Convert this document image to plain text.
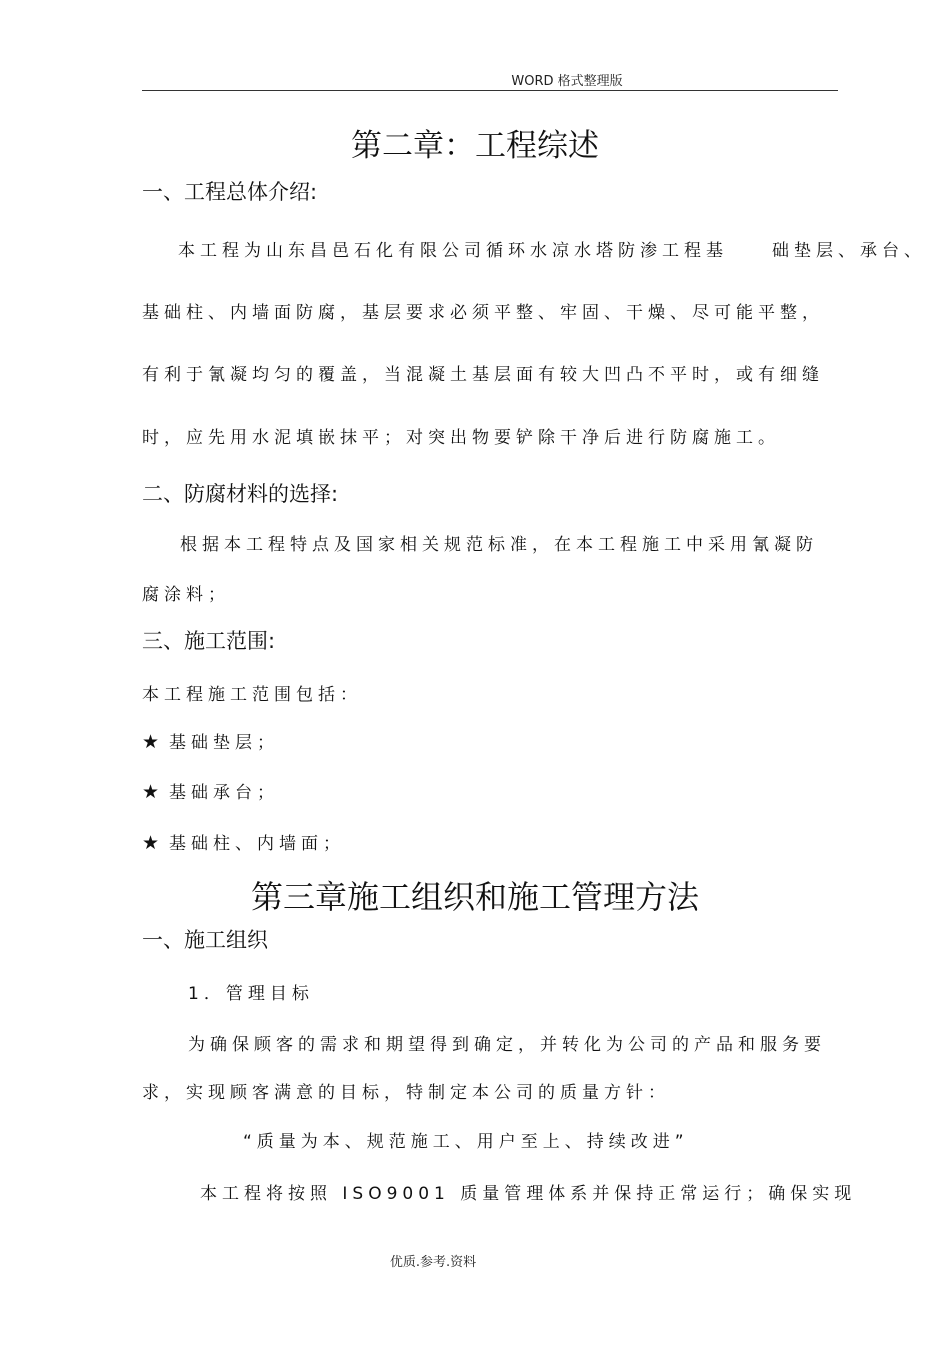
WORD 格式整理版
第二章：工程综述
一、工程总体介绍:
本工程为山东昌邑石化有限公司循环水凉水塔防渗工程基　　础垫层、承台、
基础柱、内墙面防腐，基层要求必须平整、牢固、干燥、尽可能平整，
有利于氰凝均匀的覆盖，当混凝土基层面有较大凹凸不平时，或有细缝
时，应先用水泥填嵌抹平；对突出物要铲除干净后进行防腐施工。
二、防腐材料的选择:
根据本工程特点及国家相关规范标准，在本工程施工中采用氰凝防
腐涂料；
三、施工范围:
本工程施工范围包括：
★ 基础垫层；
★ 基础承台；
★ 基础柱、内墙面；
第三章施工组织和施工管理方法
一、施工组织
1．管理目标
为确保顾客的需求和期望得到确定，并转化为公司的产品和服务要
求，实现顾客满意的目标，特制定本公司的质量方针：
“质量为本、规范施工、用户至上、持续改进”
本工程将按照 ISO9001 质量管理体系并保持正常运行；确保实现
优质.参考.资料
